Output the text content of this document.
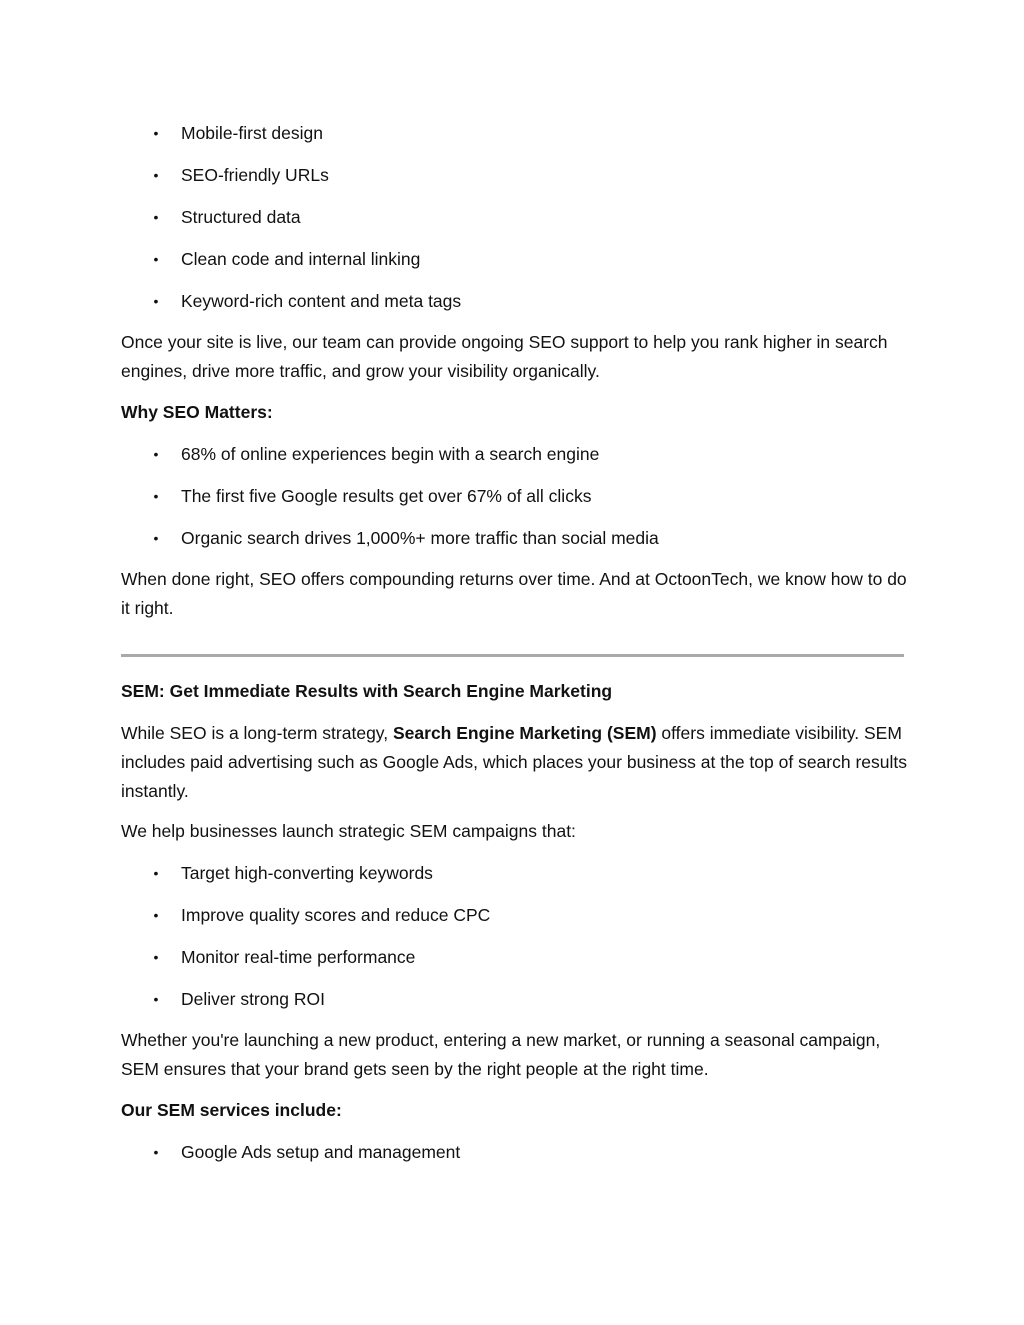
• Mobile-first design
• SEO-friendly URLs
• Structured data
• Clean code and internal linking
• Keyword-rich content and meta tags

Once your site is live, our team can provide ongoing SEO support to help you rank higher in search engines, drive more traffic, and grow your visibility organically.

Why SEO Matters:

• 68% of online experiences begin with a search engine
• The first five Google results get over 67% of all clicks
• Organic search drives 1,000%+ more traffic than social media

When done right, SEO offers compounding returns over time. And at OctoonTech, we know how to do it right.

SEM: Get Immediate Results with Search Engine Marketing

While SEO is a long-term strategy, Search Engine Marketing (SEM) offers immediate visibility. SEM includes paid advertising such as Google Ads, which places your business at the top of search results instantly.

We help businesses launch strategic SEM campaigns that:

• Target high-converting keywords
• Improve quality scores and reduce CPC
• Monitor real-time performance
• Deliver strong ROI

Whether you're launching a new product, entering a new market, or running a seasonal campaign, SEM ensures that your brand gets seen by the right people at the right time.

Our SEM services include:

• Google Ads setup and management
